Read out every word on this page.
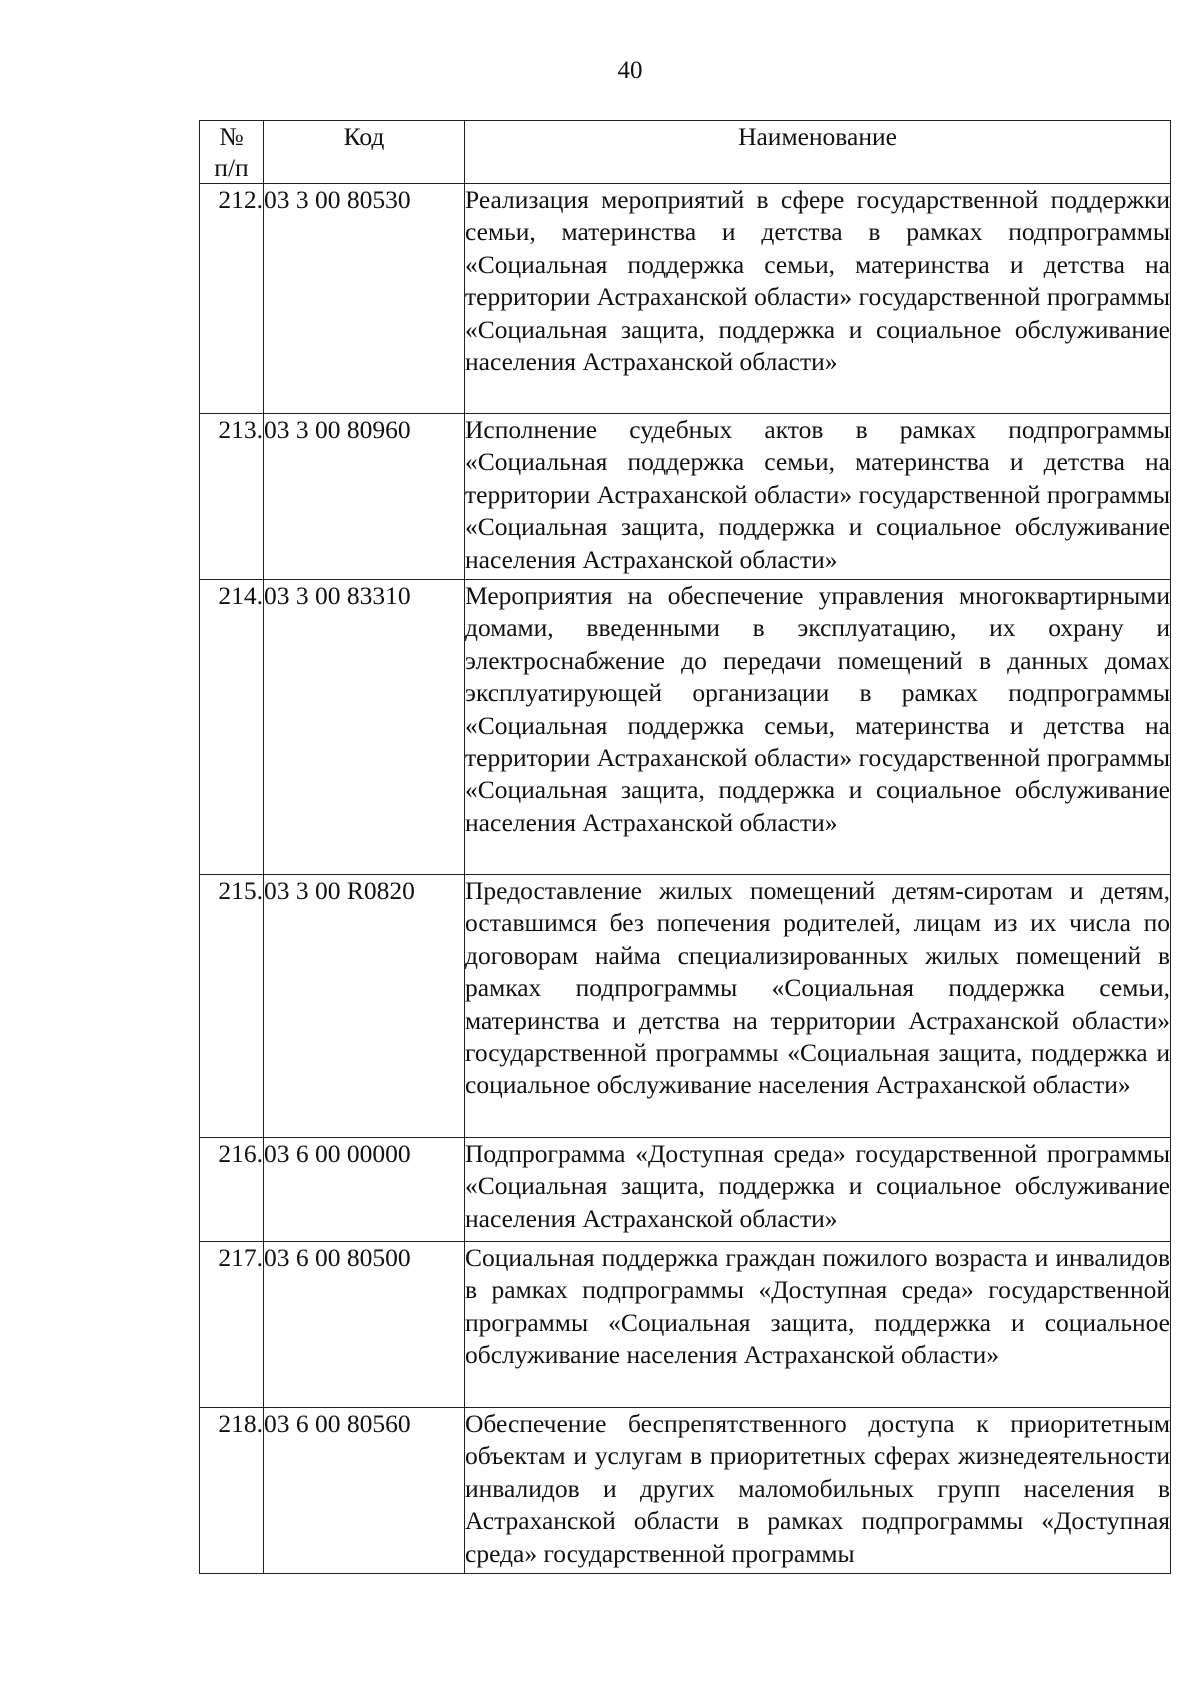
40
№
п/п	Код	Наименование
212.	03 3 00 80530	Реализация мероприятий в сфере государственной поддержки семьи, материнства и детства в рамках подпрограммы «Социальная поддержка семьи, материнства и детства на территории Астраханской области» государственной программы «Социальная защита, поддержка и социальное обслуживание населения Астраханской области»
213.	03 3 00 80960	Исполнение судебных актов в рамках подпрограммы «Социальная поддержка семьи, материнства и детства на территории Астраханской области» государственной программы «Социальная защита, поддержка и социальное обслуживание населения Астраханской области»
214.	03 3 00 83310	Мероприятия на обеспечение управления многоквартирными домами, введенными в эксплуатацию, их охрану и электроснабжение до передачи помещений в данных домах эксплуатирующей организации в рамках подпрограммы «Социальная поддержка семьи, материнства и детства на территории Астраханской области» государственной программы «Социальная защита, поддержка и социальное обслуживание населения Астраханской области»
215.	03 3 00 R0820	Предоставление жилых помещений детям-сиротам и детям, оставшимся без попечения родителей, лицам из их числа по договорам найма специализированных жилых помещений в рамках подпрограммы «Социальная поддержка семьи, материнства и детства на территории Астраханской области» государственной программы «Социальная защита, поддержка и социальное обслуживание населения Астраханской области»
216.	03 6 00 00000	Подпрограмма «Доступная среда» государственной программы «Социальная защита, поддержка и социальное обслуживание населения Астраханской области»
217.	03 6 00 80500	Социальная поддержка граждан пожилого возраста и инвалидов в рамках подпрограммы «Доступная среда» государственной программы «Социальная защита, поддержка и социальное обслуживание населения Астраханской области»
218.	03 6 00 80560	Обеспечение беспрепятственного доступа к приоритетным объектам и услугам в приоритетных сферах жизнедеятельности инвалидов и других маломобильных групп населения в Астраханской области в рамках подпрограммы «Доступная среда» государственной программы
